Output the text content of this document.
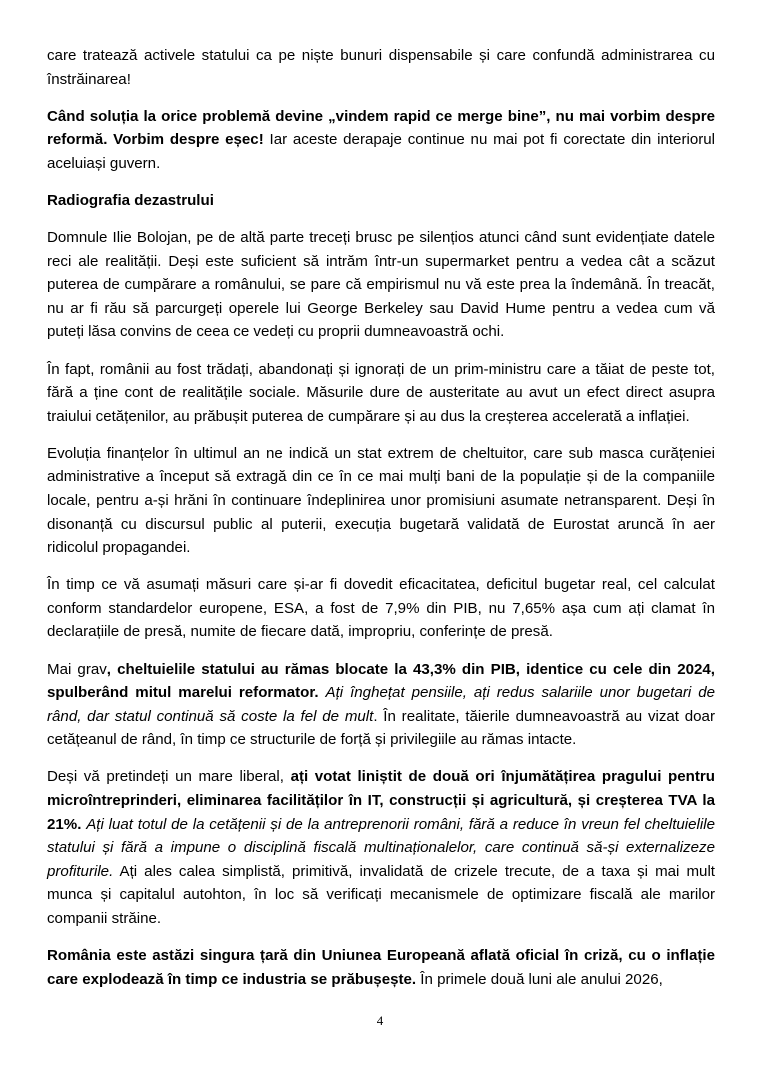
care tratează activele statului ca pe niște bunuri dispensabile și care confundă administrarea cu înstrăinarea!

Când soluția la orice problemă devine „vindem rapid ce merge bine”, nu mai vorbim despre reformă. Vorbim despre eșec! Iar aceste derapaje continue nu mai pot fi corectate din interiorul aceluiași guvern.

Radiografia dezastrului

Domnule Ilie Bolojan, pe de altă parte treceți brusc pe silențios atunci când sunt evidențiate datele reci ale realității. Deși este suficient să intrăm într-un supermarket pentru a vedea cât a scăzut puterea de cumpărare a românului, se pare că empirismul nu vă este prea la îndemână. În treacăt, nu ar fi rău să parcurgeți operele lui George Berkeley sau David Hume pentru a vedea cum vă puteți lăsa convins de ceea ce vedeți cu proprii dumneavoastră ochi.

În fapt, românii au fost trădați, abandonați și ignorați de un prim-ministru care a tăiat de peste tot, fără a ține cont de realitățile sociale. Măsurile dure de austeritate au avut un efect direct asupra traiului cetățenilor, au prăbușit puterea de cumpărare și au dus la creșterea accelerată a inflației.

Evoluția finanțelor în ultimul an ne indică un stat extrem de cheltuitor, care sub masca curățeniei administrative a început să extragă din ce în ce mai mulți bani de la populație și de la companiile locale, pentru a-și hrăni în continuare îndeplinirea unor promisiuni asumate netransparent. Deși în disonanță cu discursul public al puterii, execuția bugetară validată de Eurostat aruncă în aer ridicolul propagandei.

În timp ce vă asumați măsuri care și-ar fi dovedit eficacitatea, deficitul bugetar real, cel calculat conform standardelor europene, ESA, a fost de 7,9% din PIB, nu 7,65% așa cum ați clamat în declarațiile de presă, numite de fiecare dată, impropriu, conferințe de presă.

Mai grav, cheltuielile statului au rămas blocate la 43,3% din PIB, identice cu cele din 2024, spulberând mitul marelui reformator. Ați înghețat pensiile, ați redus salariile unor bugetari de rând, dar statul continuă să coste la fel de mult. În realitate, tăierile dumneavoastră au vizat doar cetățeanul de rând, în timp ce structurile de forță și privilegiile au rămas intacte.

Deși vă pretindeți un mare liberal, ați votat liniștit de două ori înjumătățirea pragului pentru microîntreprinderi, eliminarea facilităților în IT, construcții și agricultură, și creșterea TVA la 21%. Ați luat totul de la cetățenii și de la antreprenorii români, fără a reduce în vreun fel cheltuielile statului și fără a impune o disciplină fiscală multinaționalelor, care continuă să-și externalizeze profiturile. Ați ales calea simplistă, primitivă, invalidată de crizele trecute, de a taxa și mai mult munca și capitalul autohton, în loc să verificați mecanismele de optimizare fiscală ale marilor companii străine.

România este astăzi singura țară din Uniunea Europeană aflată oficial în criză, cu o inflație care explodează în timp ce industria se prăbușește. În primele două luni ale anului 2026,

4
